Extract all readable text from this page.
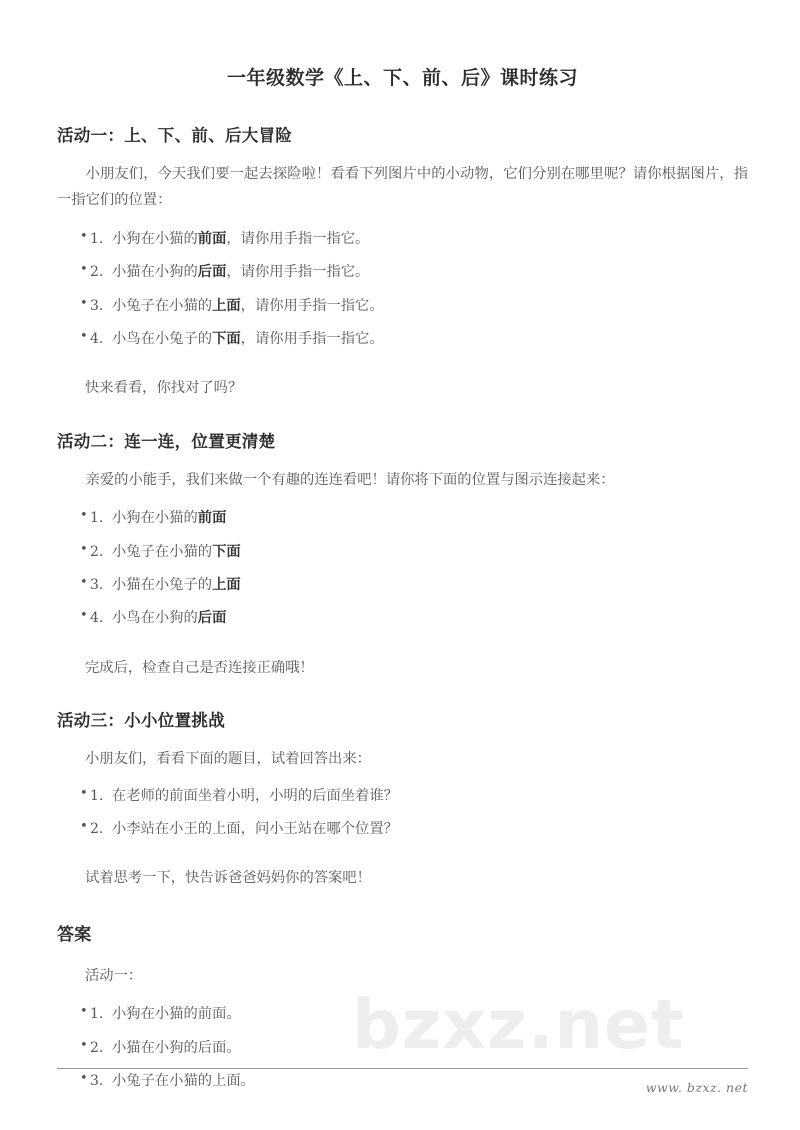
bzxz.net
一年级数学《上、下、前、后》课时练习
活动一：上、下、前、后大冒险

小朋友们，今天我们要一起去探险啦！看看下列图片中的小动物，它们分别在哪里呢？请你根据图片，指一指它们的位置：

• 1. 小狗在小猫的前面，请你用手指一指它。
• 2. 小猫在小狗的后面，请你用手指一指它。
• 3. 小兔子在小猫的上面，请你用手指一指它。
• 4. 小鸟在小兔子的下面，请你用手指一指它。

快来看看，你找对了吗？

活动二：连一连，位置更清楚

亲爱的小能手，我们来做一个有趣的连连看吧！请你将下面的位置与图示连接起来：

• 1. 小狗在小猫的前面
• 2. 小兔子在小猫的下面
• 3. 小猫在小兔子的上面
• 4. 小鸟在小狗的后面

完成后，检查自己是否连接正确哦！

活动三：小小位置挑战

小朋友们，看看下面的题目，试着回答出来：

• 1. 在老师的前面坐着小明，小明的后面坐着谁？
• 2. 小李站在小王的上面，问小王站在哪个位置？

试着思考一下，快告诉爸爸妈妈你的答案吧！

答案

活动一：

• 1. 小狗在小猫的前面。
• 2. 小猫在小狗的后面。
• 3. 小兔子在小猫的上面。	www. bzxz. net
